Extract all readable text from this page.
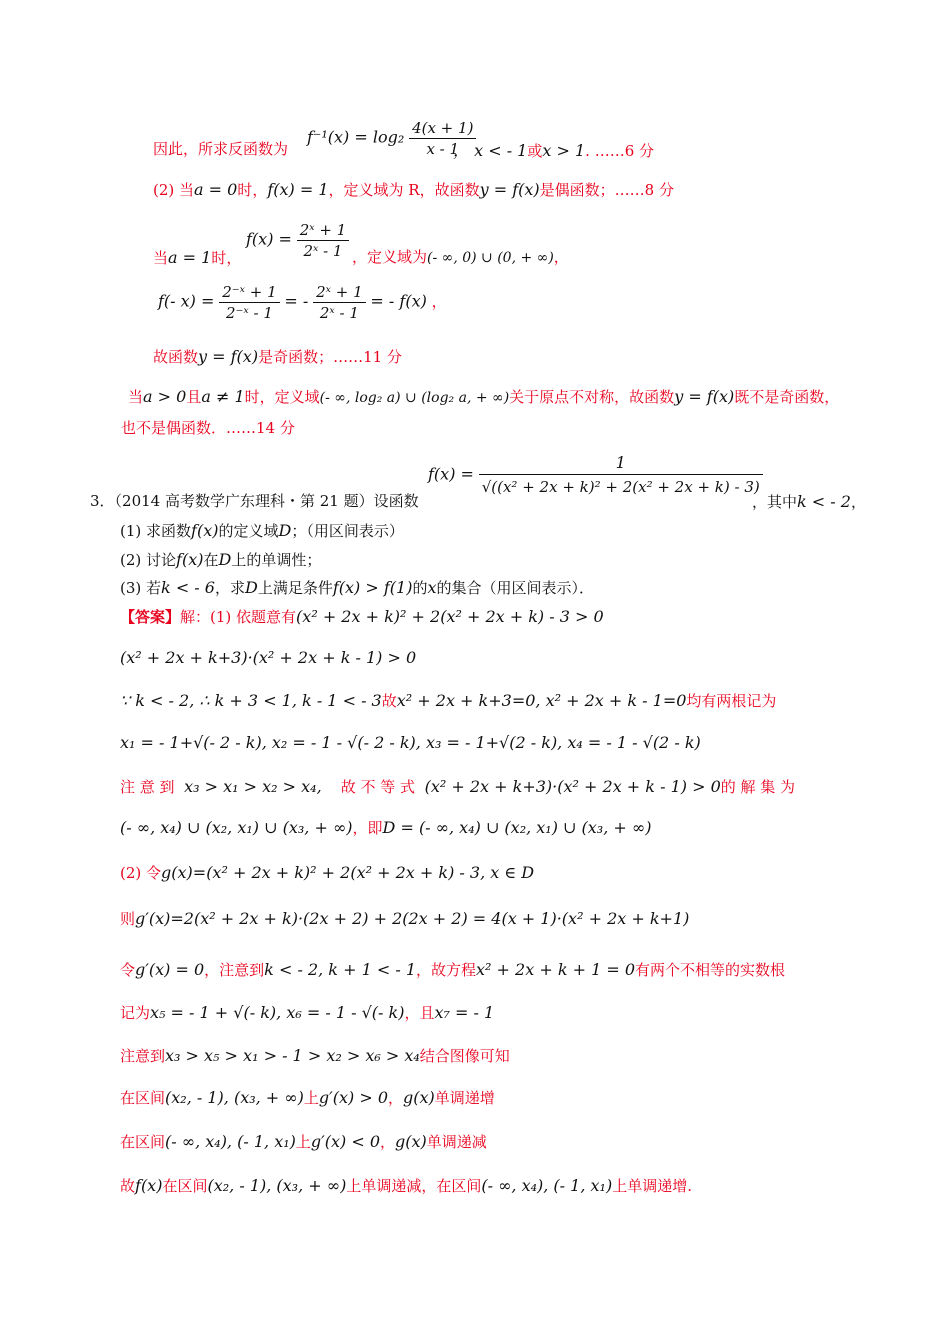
因此，所求反函数为
$f^{-1}(x) = \log_2 \frac{4(x + 1)}{x - 1}$
， x < - 1或x > 1. ……6 分
(2) 当a = 0时，f(x) = 1，定义域为 R，故函数y = f(x)是偶函数；……8 分
当a = 1时，
$f(x) = \frac{\text{2ˣ + 1}}{\text{2ˣ - 1}}$ ，定义域为(- ∞, 0) ∪ (0, + ∞)，
f(- $x) = \frac{\text{2⁻ˣ + 1}}{\text{2⁻ˣ - 1}}$ = - $\frac{\text{2ˣ + 1}}{\text{2ˣ - 1}}$ = - f(x) ，
故函数y = f(x)是奇函数；……11 分
当a > 0且a ≠ 1时，定义域(- ∞, log₂ a) ∪ (log₂ a, + ∞)关于原点不对称，故函数y = f(x)既不是奇函数，
也不是偶函数．……14 分
$f(x) = \frac{1}{\text{√((x² + 2x + k)² + 2(x² + 2x + k) - 3)}}$
3．（2014 高考数学广东理科・第 21 题）设函数	，其中k < - 2，
(1) 求函数f(x)的定义域D；（用区间表示）
(2) 讨论f(x)在D上的单调性；
(3) 若k < - 6，求D上满足条件f(x) > f(1)的x的集合（用区间表示）．
【答案】解：(1) 依题意有(x² + 2x + k)² + 2(x² + 2x + k) - 3 > 0
(x² + 2x + k+3)·(x² + 2x + k - 1) > 0
∵ k < - 2, ∴ k + 3 < 1, k - 1 < - 3故x² + 2x + k+3=0, x² + 2x + k - 1=0均有两根记为
x₁ = - 1+√(- 2 - k), x₂ = - 1 - √(- 2 - k), x₃ = - 1+√(2 - k), x₄ = - 1 - √(2 - k)
注 意 到 x₃ > x₁ > x₂ > x₄, 故 不 等 式 (x² + 2x + k+3)·(x² + 2x + k - 1) > 0的 解 集 为
(- ∞, x₄) ∪ (x₂, x₁) ∪ (x₃, + ∞)，即D = (- ∞, x₄) ∪ (x₂, x₁) ∪ (x₃, + ∞)
(2) 令g(x)=(x² + 2x + k)² + 2(x² + 2x + k) - 3, x ∈ D
则g′(x)=2(x² + 2x + k)·(2x + 2) + 2(2x + 2) = 4(x + 1)·(x² + 2x + k+1)
令g′(x) = 0，注意到k < - 2, k + 1 < - 1，故方程x² + 2x + k + 1 = 0有两个不相等的实数根
记为x₅ = - 1 + √(- k), x₆ = - 1 - √(- k)，且x₇ = - 1
注意到x₃ > x₅ > x₁ > - 1 > x₂ > x₆ > x₄结合图像可知
在区间(x₂, - 1), (x₃, + ∞)上g′(x) > 0，g(x)单调递增
在区间(- ∞, x₄), (- 1, x₁)上g′(x) < 0，g(x)单调递减
故f(x)在区间(x₂, - 1), (x₃, + ∞)上单调递减，在区间(- ∞, x₄), (- 1, x₁)上单调递增.
